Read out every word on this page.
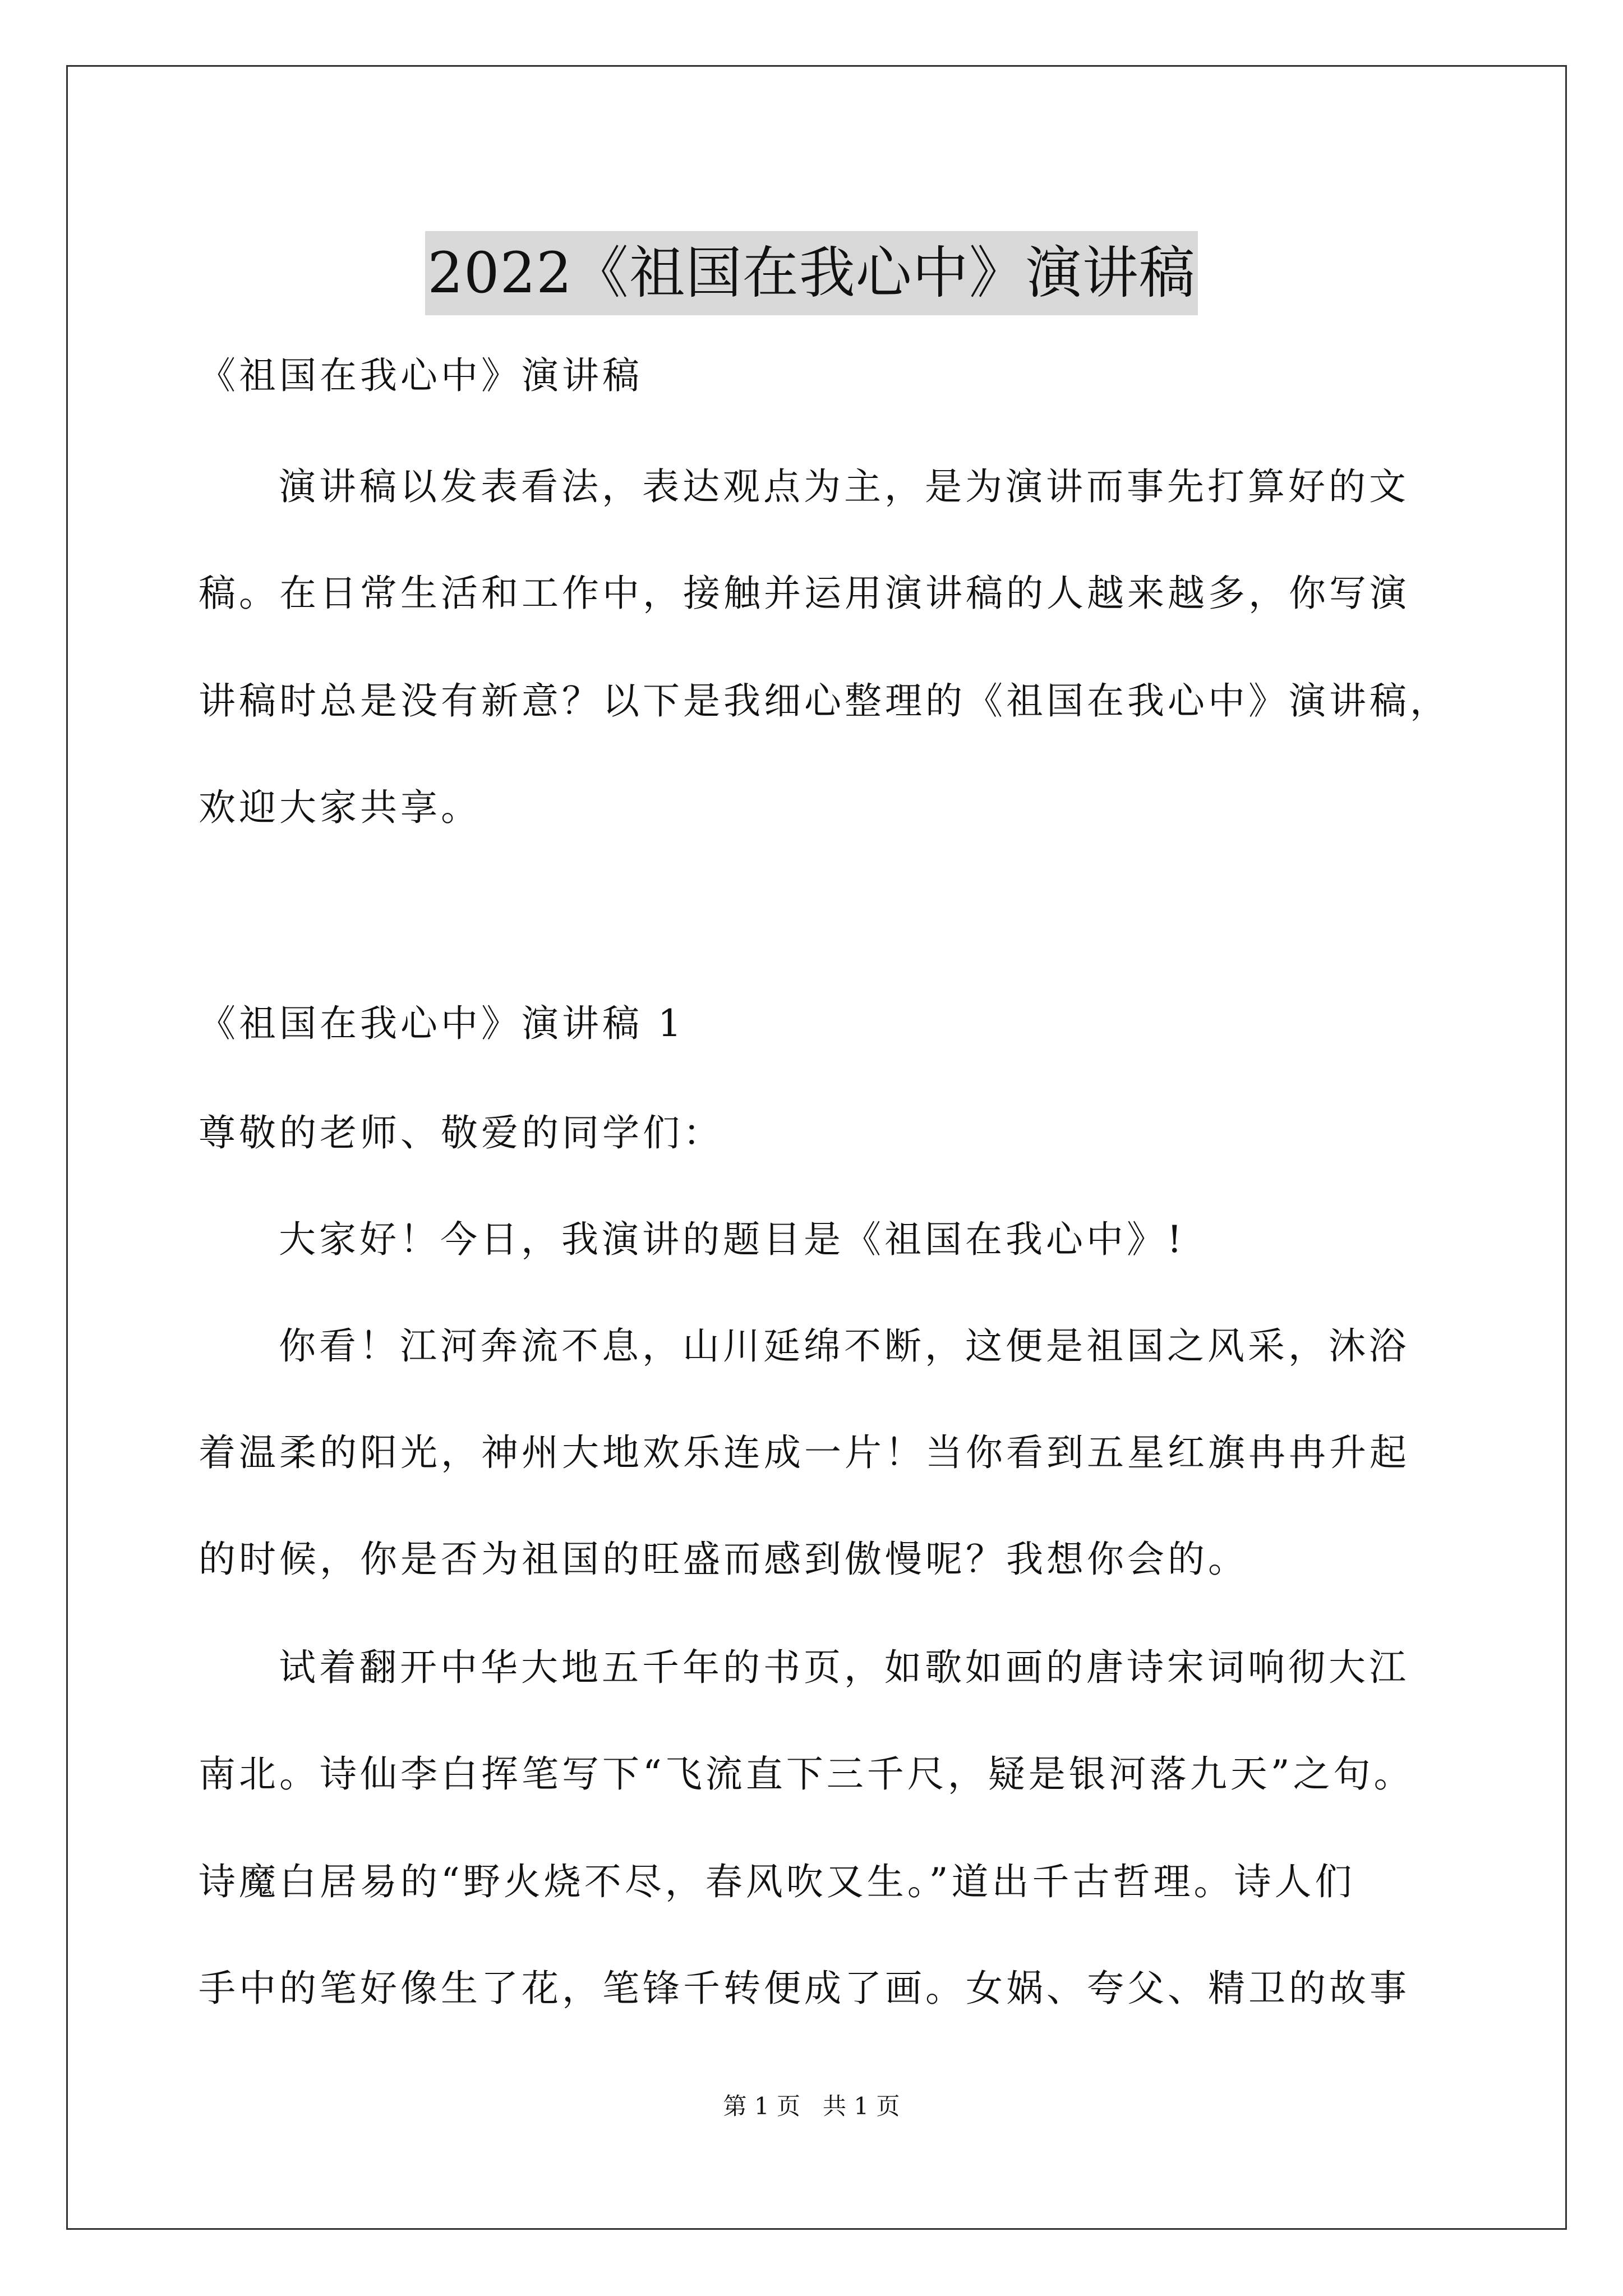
2022《祖国在我心中》演讲稿
《祖国在我心中》演讲稿
演讲稿以发表看法，表达观点为主，是为演讲而事先打算好的文
稿。在日常生活和工作中，接触并运用演讲稿的人越来越多，你写演
讲稿时总是没有新意？以下是我细心整理的《祖国在我心中》演讲稿，
欢迎大家共享。
《祖国在我心中》演讲稿 1
尊敬的老师、敬爱的同学们：
大家好！今日，我演讲的题目是《祖国在我心中》!
你看！江河奔流不息，山川延绵不断，这便是祖国之风采，沐浴
着温柔的阳光，神州大地欢乐连成一片！当你看到五星红旗冉冉升起
的时候，你是否为祖国的旺盛而感到傲慢呢？我想你会的。
试着翻开中华大地五千年的书页，如歌如画的唐诗宋词响彻大江
南北。诗仙李白挥笔写下“飞流直下三千尺，疑是银河落九天”之句。
诗魔白居易的“野火烧不尽，春风吹又生。”道出千古哲理。诗人们
手中的笔好像生了花，笔锋千转便成了画。女娲、夸父、精卫的故事
第 1 页   共 1 页
